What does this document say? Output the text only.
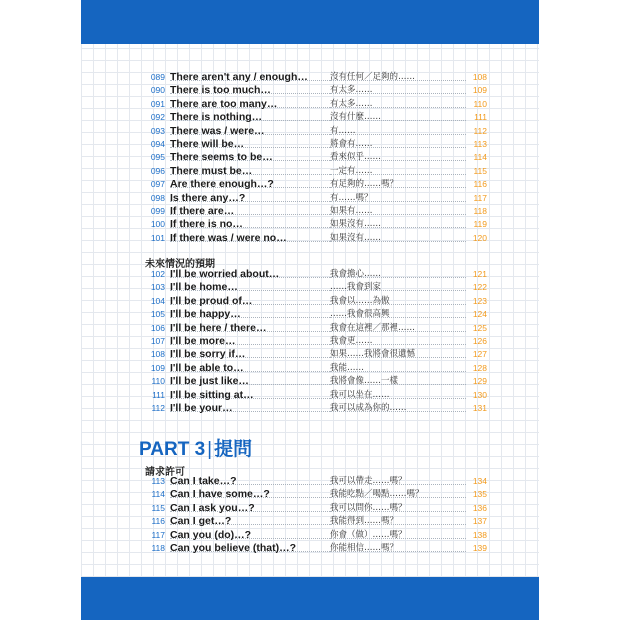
089 There aren't any / enough…	沒有任何／足夠的……	108
090 There is too much…	有太多……	109
091 There are too many…	有太多……	110
092 There is nothing…	沒有什麼……	111
093 There was / were…	有……	112
094 There will be…	將會有……	113
095 There seems to be…	看來似乎……	114
096 There must be…	一定有……	115
097 Are there enough…?	有足夠的……嗎？	116
098 Is there any…?	有……嗎？	117
099 If there are…	如果有……	118
100 If there is no…	如果沒有……	119
101 If there was / were no…	如果沒有……	120
未來情況的預期
102 I'll be worried about…	我會擔心……	121
103 I'll be home…	……我會到家	122
104 I'll be proud of…	我會以……為傲	123
105 I'll be happy…	……我會很高興	124
106 I'll be here / there…	我會在這裡／那裡……	125
107 I'll be more…	我會更……	126
108 I'll be sorry if…	如果……我將會很遺憾	127
109 I'll be able to…	我能……	128
110 I'll be just like…	我將會像……一樣	129
111 I'll be sitting at…	我可以坐在……	130
112 I'll be your…	我可以成為你的……	131
PART 3 | 提問
請求許可
113 Can I take…?	我可以帶走……嗎？	134
114 Can I have some…?	我能吃點／喝點……嗎？	135
115 Can I ask you…?	我可以問你……嗎？	136
116 Can I get…?	我能得到……嗎？	137
117 Can you (do)…?	你會（做）……嗎？	138
118 Can you believe (that)…?	你能相信……嗎？	139
09
